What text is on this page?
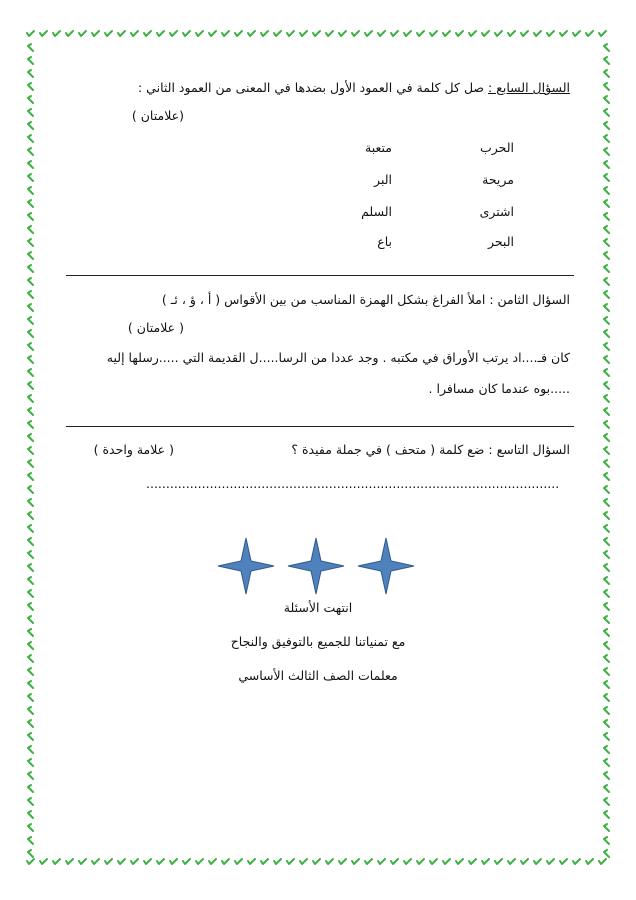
السؤال السابع : صل كل كلمة في العمود الأول بضدها في المعنى من العمود الثاني :
(علامتان )
الحرب
متعبة
مريحة
البر
اشترى
السلم
البحر
باع
السؤال الثامن : املأ الفراغ بشكل الهمزة المناسب من بين الأقواس ( أ ، ؤ ، ئـ )
( علامتان )
كان فـ....اد يرتب الأوراق في مكتبه . وجد عددا من الرسا.....ل القديمة التي .....رسلها إليه
.....بوه عندما كان مسافرا .
السؤال التاسع : ضع كلمة ( متحف ) في جملة مفيدة ؟
( علامة واحدة )
........................................................................................................
انتهت الأسئلة
مع تمنياتنا للجميع بالتوفيق والنجاح
معلمات الصف الثالث الأساسي
